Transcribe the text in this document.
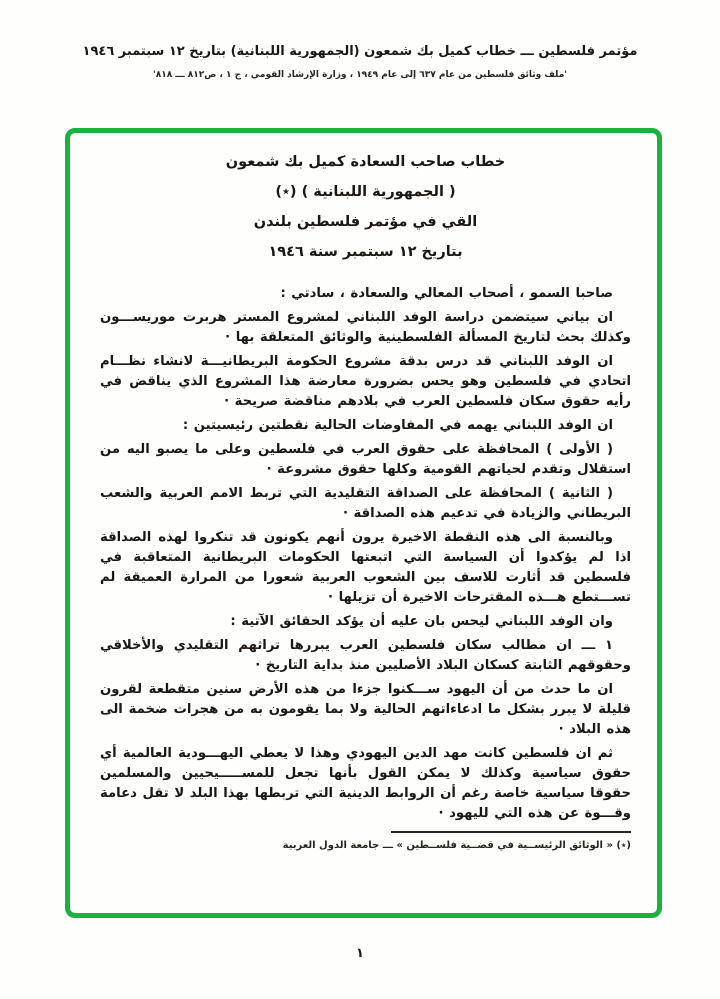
مؤتمر فلسطين ـــ خطاب كميل بك شمعون (الجمهورية اللبنانية) بتاريخ ١٢ سبتمبر ١٩٤٦
'ملف وثائق فلسطين من عام ٦٣٧ إلى عام ١٩٤٩ ، وزارة الإرشاد القومي ، ج ١ ، ص٨١٢ ـــ ٨١٨'
خطاب صاحب السعادة كميل بك شمعون
( الجمهورية اللبنانية ) (٭)
القي في مؤتمر فلسطين بلندن
بتاريخ ١٢ سبتمبر سنة ١٩٤٦

صاحبا السمو ، أصحاب المعالي والسعادة ، سادتي :

ان بياني سيتضمن دراسة الوفد اللبناني لمشروع المستر هربرت موريســـون وكذلك بحث لتاريخ المسألة الفلسطينية والوثائق المتعلقة بها ·

ان الوفد اللبناني قد درس بدقة مشروع الحكومة البريطانيـــة لانشاء نظـــام اتحادي في فلسطين وهو يحس بضرورة معارضة هذا المشروع الذي يناقض في رأيه حقوق سكان فلسطين العرب في بلادهم مناقضة صريحة ·

ان الوفد اللبناني يهمه في المفاوضات الحالية نقطتين رئيسيتين :

( الأولى ) المحافظة على حقوق العرب في فلسطين وعلى ما يصبو اليه من استقلال وتقدم لحياتهم القومية وكلها حقوق مشروعة ·

( الثانية ) المحافظة على الصداقة التقليدية التي تربط الامم العربية والشعب البريطاني والزيادة في تدعيم هذه الصداقة ·

وبالنسبة الى هذه النقطة الاخيرة يرون أنهم يكونون قد تنكروا لهذه الصداقة اذا لم يؤكدوا أن السياسة التي اتبعتها الحكومات البريطانية المتعاقبة في فلسطين قد أثارت للاسف بين الشعوب العربية شعورا من المرارة العميقة لم تســـتطع هـــذه المقترحات الاخيرة أن تزيلها ·

وان الوفد اللبناني ليحس بان عليه أن يؤكد الحقائق الآتية :

١ ـــ ان مطالب سكان فلسطين العرب يبررها تراثهم التقليدي والأخلاقي وحقوقهم الثابتة كسكان البلاد الأصليين منذ بداية التاريخ ·

ان ما حدث من أن اليهود ســـكنوا جزءا من هذه الأرض سنين متقطعة لقرون قليلة لا يبرر بشكل ما ادعاءاتهم الحالية ولا بما يقومون به من هجرات ضخمة الى هذه البلاد ·

ثم ان فلسطين كانت مهد الدين اليهودي وهذا لا يعطي اليهـــودية العالمية أي حقوق سياسية وكذلك لا يمكن القول بأنها تجعل للمســـــيحيين والمسلمين حقوقا سياسية خاصة رغم أن الروابط الدينية التي تربطها بهذا البلد لا تقل دعامة وقـــوة عن هذه التي لليهود ·

(٭) « الوثائق الرئيســية في قضــية فلســطين » ـــ جامعة الدول العربية
١
